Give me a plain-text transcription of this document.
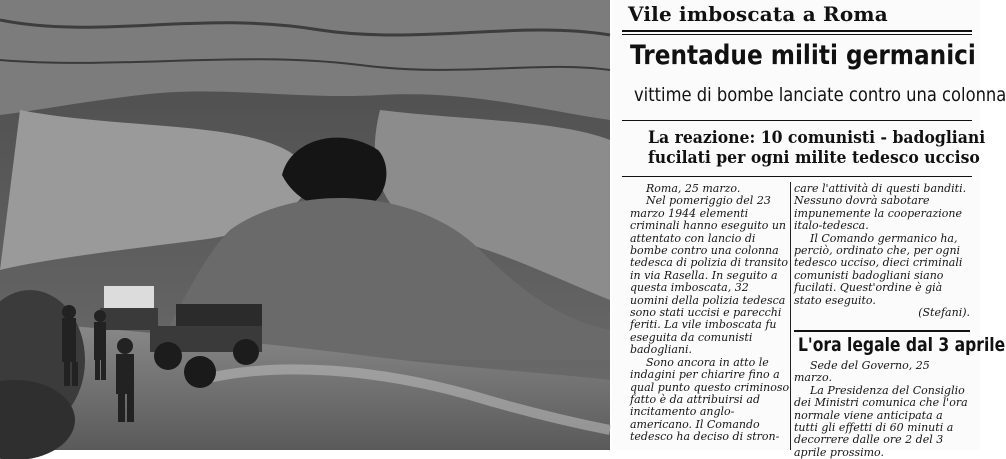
Vile imboscata a Roma
Trentadue militi germanici
vittime di bombe lanciate contro una colonna
La reazione: 10 comunisti - badogliani
fucilati per ogni milite tedesco ucciso

Roma, 25 marzo.

Nel pomeriggio del 23 marzo 1944 elementi criminali hanno eseguito un attentato con lancio di bombe contro una colonna tedesca di polizia di transito in via Rasella. In seguito a questa imboscata, 32 uomini della polizia tedesca sono stati uccisi e parecchi feriti. La vile imboscata fu eseguita da comunisti badogliani.

Sono ancora in atto le indagini per chiarire fino a qual punto questo criminoso fatto è da attribuirsi ad incitamento anglo-americano. Il Comando tedesco ha deciso di stron-

care l'attività di questi banditi. Nessuno dovrà sabotare impunemente la cooperazione italo-tedesca.

Il Comando germanico ha, perciò, ordinato che, per ogni tedesco ucciso, dieci criminali comunisti badogliani siano fucilati. Quest'ordine è già stato eseguito.

(Stefani).

L'ora legale dal 3 aprile

Sede del Governo, 25 marzo.

La Presidenza del Consiglio dei Ministri comunica che l'ora normale viene anticipata a tutti gli effetti di 60 minuti a decorrere dalle ore 2 del 3 aprile prossimo.
